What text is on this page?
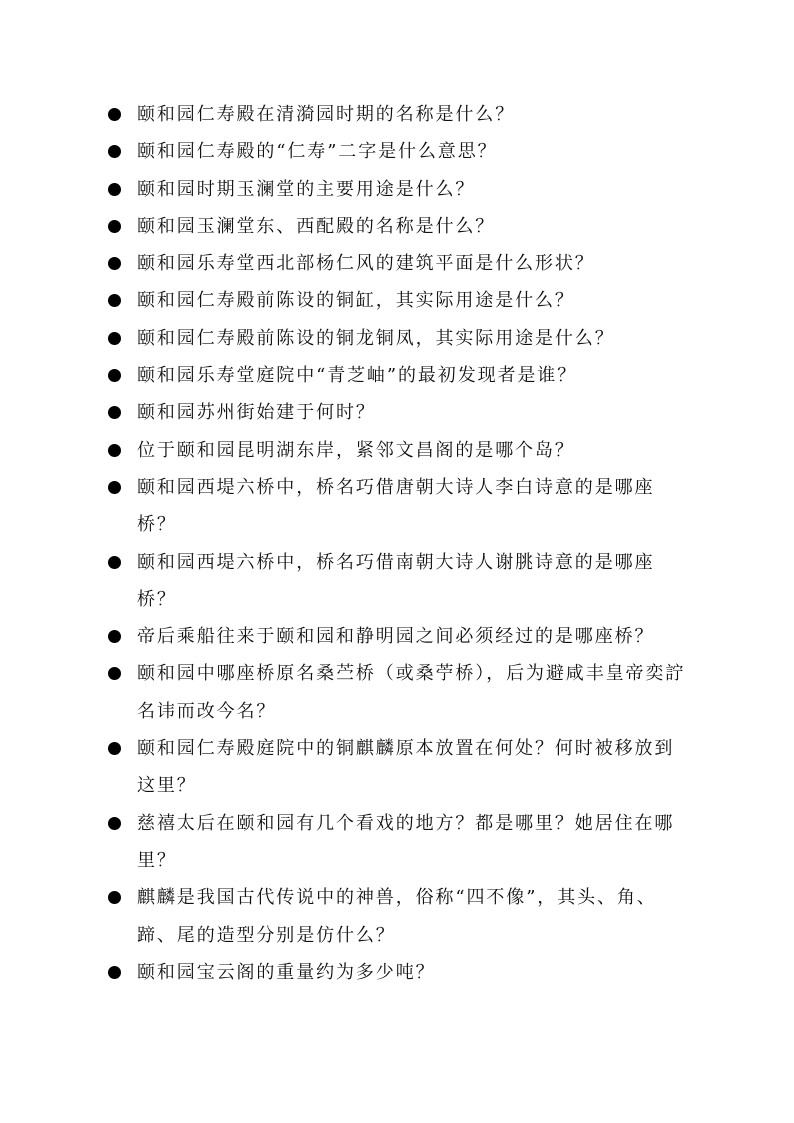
颐和园仁寿殿在清漪园时期的名称是什么？
颐和园仁寿殿的“仁寿”二字是什么意思？
颐和园时期玉澜堂的主要用途是什么？
颐和园玉澜堂东、西配殿的名称是什么？
颐和园乐寿堂西北部杨仁风的建筑平面是什么形状？
颐和园仁寿殿前陈设的铜缸，其实际用途是什么？
颐和园仁寿殿前陈设的铜龙铜凤，其实际用途是什么？
颐和园乐寿堂庭院中“青芝岫”的最初发现者是谁？
颐和园苏州街始建于何时？
位于颐和园昆明湖东岸，紧邻文昌阁的是哪个岛？
颐和园西堤六桥中，桥名巧借唐朝大诗人李白诗意的是哪座桥？
颐和园西堤六桥中，桥名巧借南朝大诗人谢朓诗意的是哪座桥？
帝后乘船往来于颐和园和静明园之间必须经过的是哪座桥？
颐和园中哪座桥原名桑苎桥（或桑苧桥），后为避咸丰皇帝奕詝名讳而改今名？
颐和园仁寿殿庭院中的铜麒麟原本放置在何处？何时被移放到这里？
慈禧太后在颐和园有几个看戏的地方？都是哪里？她居住在哪里？
麒麟是我国古代传说中的神兽，俗称“四不像”，其头、角、蹄、尾的造型分别是仿什么？
颐和园宝云阁的重量约为多少吨？
